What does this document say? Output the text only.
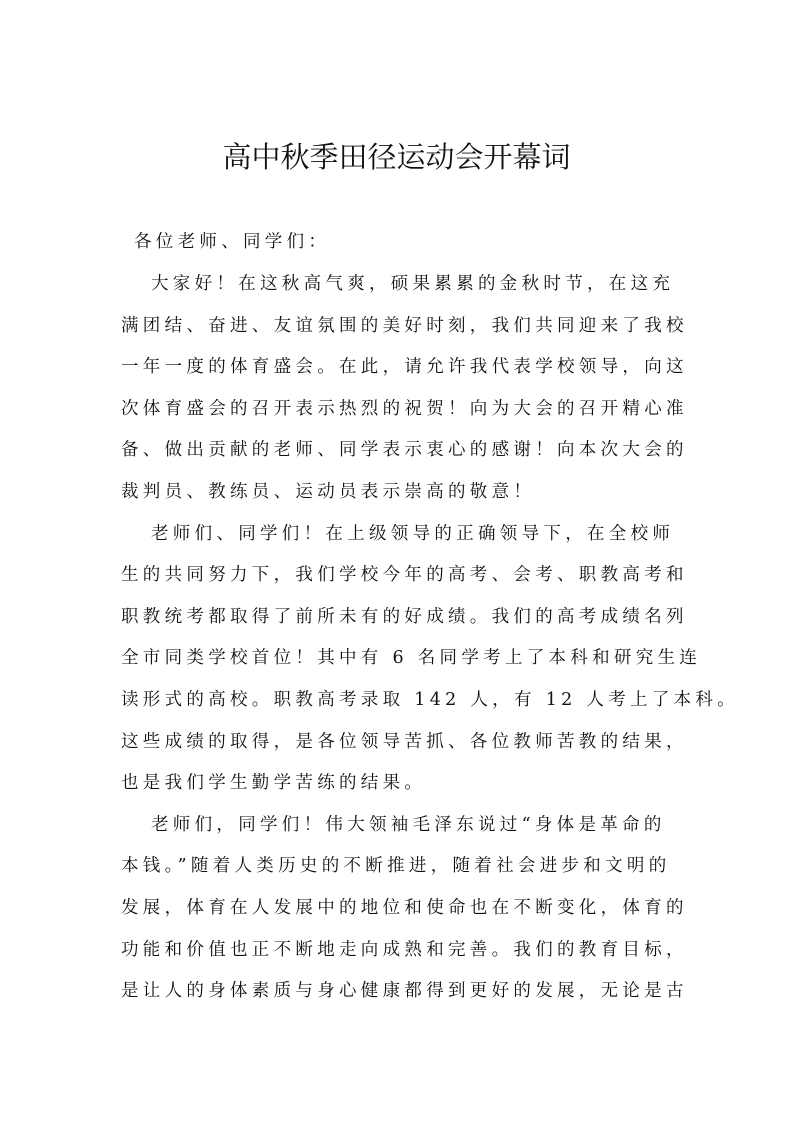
高中秋季田径运动会开幕词

各位老师、同学们：

大家好！在这秋高气爽，硕果累累的金秋时节，在这充
满团结、奋进、友谊氛围的美好时刻，我们共同迎来了我校
一年一度的体育盛会。在此，请允许我代表学校领导，向这
次体育盛会的召开表示热烈的祝贺！向为大会的召开精心准
备、做出贡献的老师、同学表示衷心的感谢！向本次大会的
裁判员、教练员、运动员表示崇高的敬意！
老师们、同学们！在上级领导的正确领导下，在全校师
生的共同努力下，我们学校今年的高考、会考、职教高考和
职教统考都取得了前所未有的好成绩。我们的高考成绩名列
全市同类学校首位！其中有 6 名同学考上了本科和研究生连
读形式的高校。职教高考录取 142 人，有 12 人考上了本科。
这些成绩的取得，是各位领导苦抓、各位教师苦教的结果，
也是我们学生勤学苦练的结果。
老师们，同学们！伟大领袖毛泽东说过“身体是革命的
本钱。”随着人类历史的不断推进，随着社会进步和文明的
发展，体育在人发展中的地位和使命也在不断变化，体育的
功能和价值也正不断地走向成熟和完善。我们的教育目标，
是让人的身体素质与身心健康都得到更好的发展，无论是古
